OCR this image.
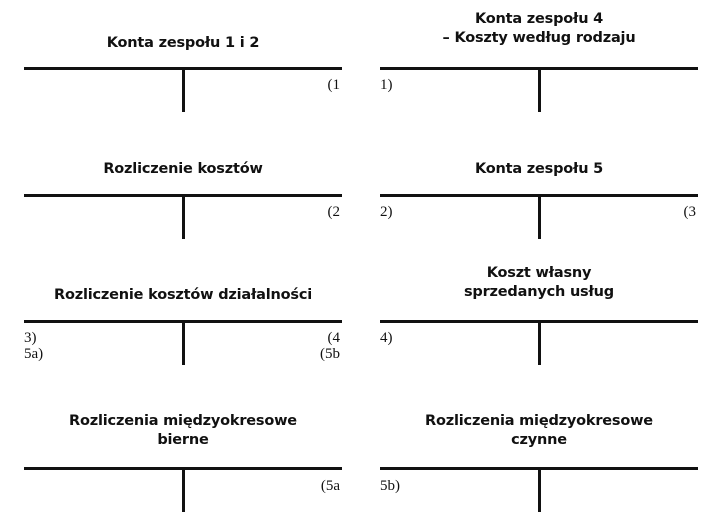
Konta zespołu 1 i 2
(1
Konta zespołu 4
– Koszty według rodzaju
1)
Rozliczenie kosztów
(2
Konta zespołu 5
2)	(3
Rozliczenie kosztów działalności
3)
5a)
(4
(5b
Koszt własny
sprzedanych usług
4)
Rozliczenia międzyokresowe
bierne
(5a
Rozliczenia międzyokresowe
czynne
5b)
